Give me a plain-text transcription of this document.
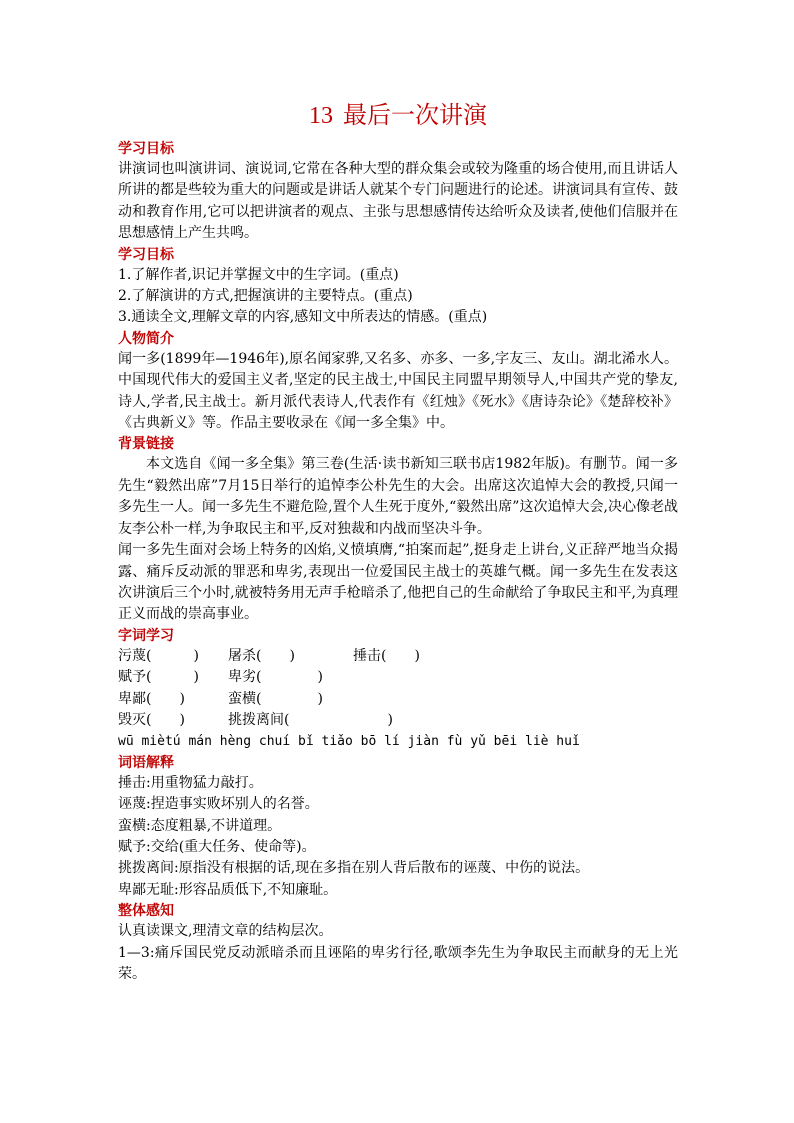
13 最后一次讲演
学习目标

讲演词也叫演讲词、演说词,它常在各种大型的群众集会或较为隆重的场合使用,而且讲话人所讲的都是些较为重大的问题或是讲话人就某个专门问题进行的论述。讲演词具有宣传、鼓动和教育作用,它可以把讲演者的观点、主张与思想感情传达给听众及读者,使他们信服并在思想感情上产生共鸣。

学习目标

1.了解作者,识记并掌握文中的生字词。(重点)

2.了解演讲的方式,把握演讲的主要特点。(重点)

3.通读全文,理解文章的内容,感知文中所表达的情感。(重点)

人物简介

闻一多(1899年—1946年),原名闻家骅,又名多、亦多、一多,字友三、友山。湖北浠水人。中国现代伟大的爱国主义者,坚定的民主战士,中国民主同盟早期领导人,中国共产党的挚友,诗人,学者,民主战士。新月派代表诗人,代表作有《红烛》《死水》《唐诗杂论》《楚辞校补》《古典新义》等。作品主要收录在《闻一多全集》中。

背景链接

本文选自《闻一多全集》第三卷(生活·读书新知三联书店1982年版)。有删节。闻一多先生“毅然出席”7月15日举行的追悼李公朴先生的大会。出席这次追悼大会的教授,只闻一多先生一人。闻一多先生不避危险,置个人生死于度外,“毅然出席”这次追悼大会,决心像老战友李公朴一样,为争取民主和平,反对独裁和内战而坚决斗争。

闻一多先生面对会场上特务的凶焰,义愤填膺,“拍案而起”,挺身走上讲台,义正辞严地当众揭露、痛斥反动派的罪恶和卑劣,表现出一位爱国民主战士的英雄气概。闻一多先生在发表这次讲演后三个小时,就被特务用无声手枪暗杀了,他把自己的生命献给了争取民主和平,为真理正义而战的崇高事业。

字词学习
污蔑(　　　)	屠杀(　　)	捶击(　　)
赋予(　　　)	卑劣(　　　　)	
卑鄙(　　)	蛮横(　　　　)	
毁灭(　　)	挑拨离间(　　　　　　　)	

wū miètú mán hèng chuí bǐ tiǎo bō lí jiàn fù yǔ bēi liè huǐ

词语解释

捶击:用重物猛力敲打。

诬蔑:捏造事实败坏别人的名誉。

蛮横:态度粗暴,不讲道理。

赋予:交给(重大任务、使命等)。

挑拨离间:原指没有根据的话,现在多指在别人背后散布的诬蔑、中伤的说法。

卑鄙无耻:形容品质低下,不知廉耻。

整体感知

认真读课文,理清文章的结构层次。

1—3:痛斥国民党反动派暗杀而且诬陷的卑劣行径,歌颂李先生为争取民主而献身的无上光荣。
